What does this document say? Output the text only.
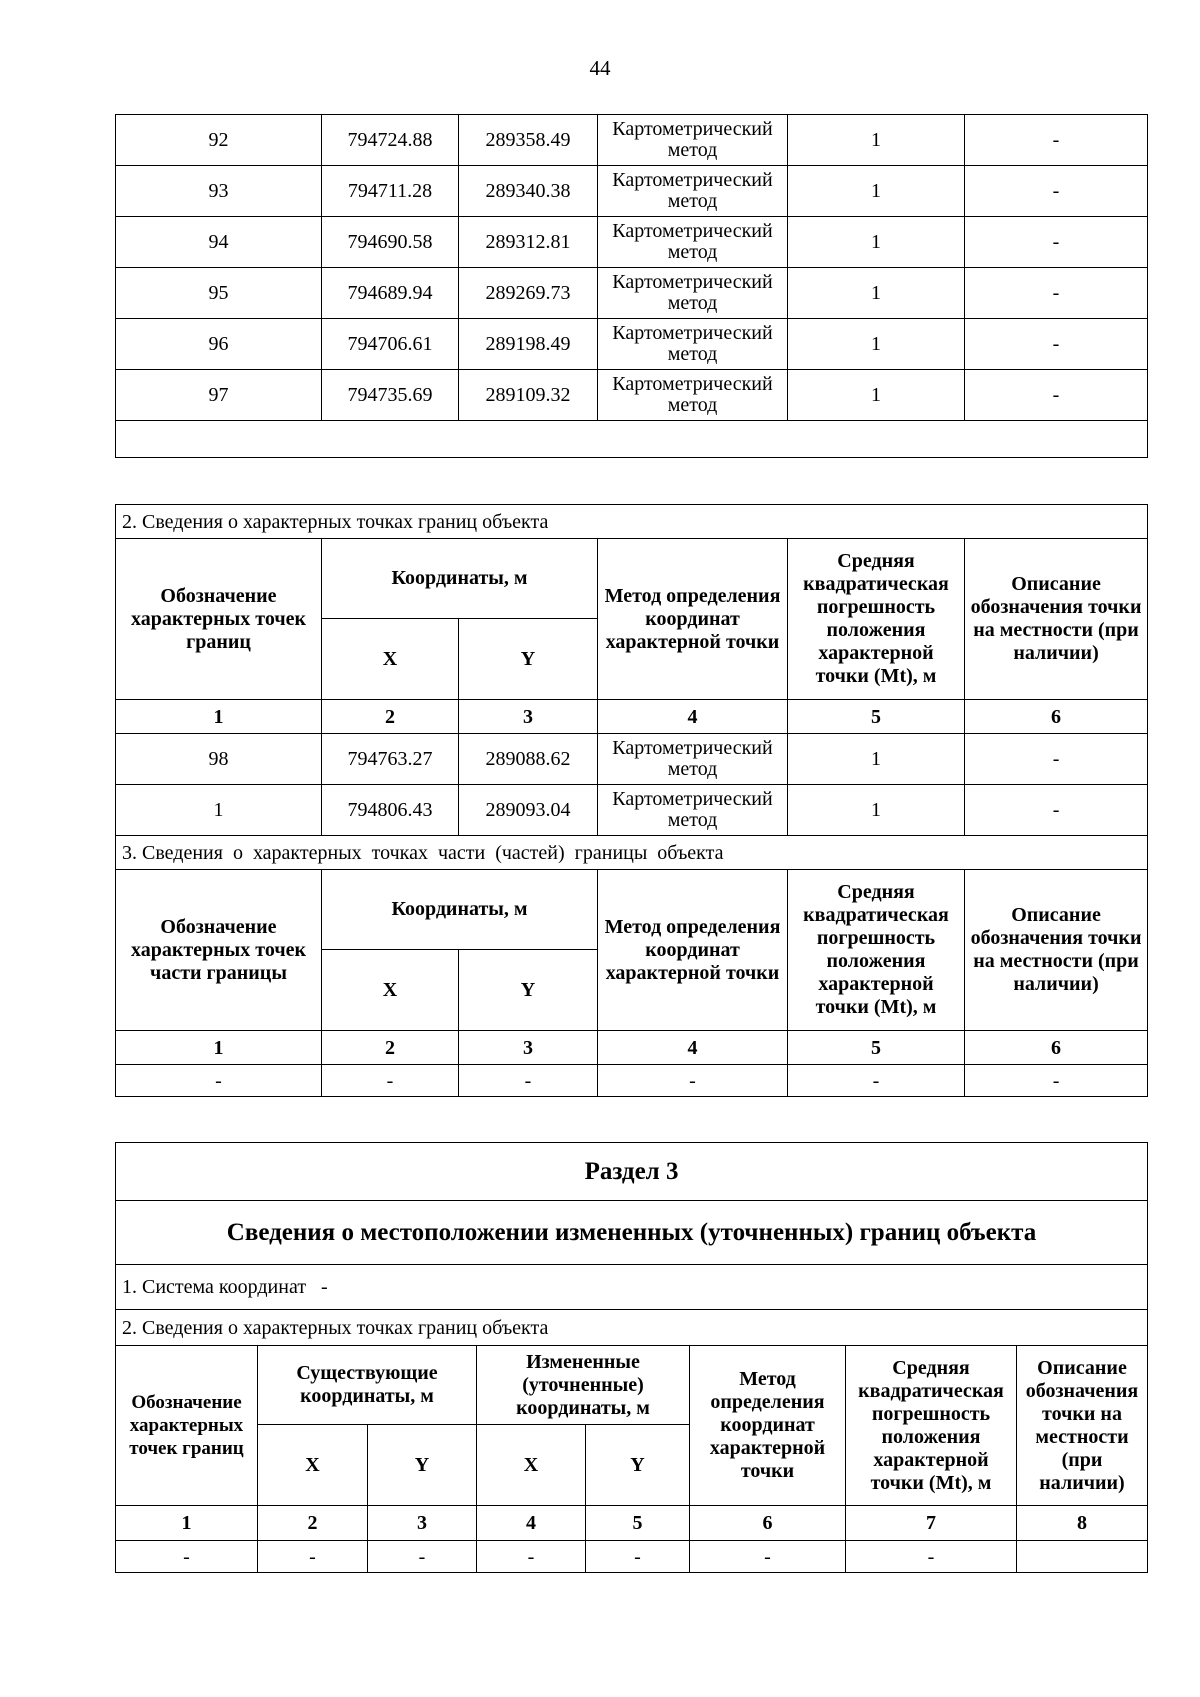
44
92	794724.88	289358.49	Картометрический метод	1	-
93	794711.28	289340.38	Картометрический метод	1	-
94	794690.58	289312.81	Картометрический метод	1	-
95	794689.94	289269.73	Картометрический метод	1	-
96	794706.61	289198.49	Картометрический метод	1	-
97	794735.69	289109.32	Картометрический метод	1	-

2. Сведения о характерных точках границ объекта					
Обозначение характерных точек границ	Координаты, м		Метод определения координат характерной точки	Средняя квадратическая погрешность положения характерной точки (Mt), м	Описание обозначения точки на местности (при наличии)
	X	Y			
1	2	3	4	5	6
98	794763.27	289088.62	Картометрический метод	1	-
1	794806.43	289093.04	Картометрический метод	1	-
3. Сведения  о  характерных  точках  части  (частей)  границы  объекта					
Обозначение характерных точек части границы	Координаты, м		Метод определения координат характерной точки	Средняя квадратическая погрешность положения характерной точки (Mt), м	Описание обозначения точки на местности (при наличии)
	X	Y			
1	2	3	4	5	6
-	-	-	-	-	-
Раздел 3							
Сведения о местоположении измененных (уточненных) границ объекта							
1. Система координат   -							
2. Сведения о характерных точках границ объекта							
Обозначение характерных точек границ	Существующие координаты, м		Измененные (уточненные) координаты, м		Метод определения координат характерной точки	Средняя квадратическая погрешность положения характерной точки (Mt), м	Описание обозначения точки на местности (при наличии)
	X	Y	X	Y			
1	2	3	4	5	6	7	8
-	-	-	-	-	-	-	
